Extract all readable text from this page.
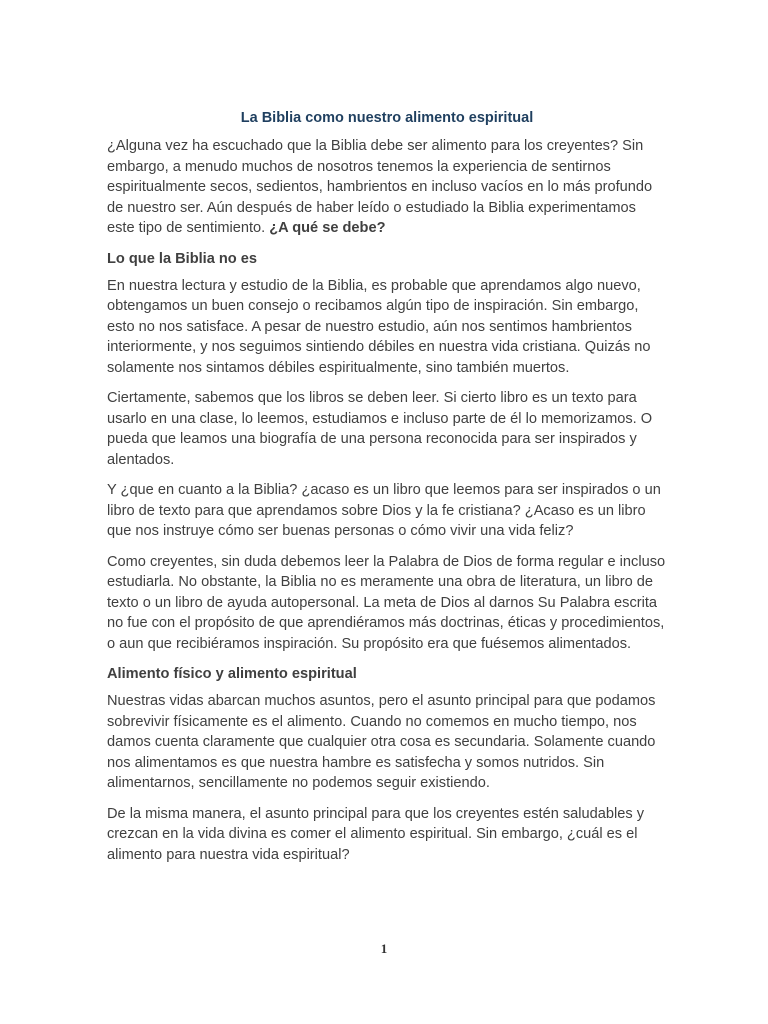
La Biblia como nuestro alimento espiritual

¿Alguna vez ha escuchado que la Biblia debe ser alimento para los creyentes? Sin embargo, a menudo muchos de nosotros tenemos la experiencia de sentirnos espiritualmente secos, sedientos, hambrientos en incluso vacíos en lo más profundo de nuestro ser. Aún después de haber leído o estudiado la Biblia experimentamos este tipo de sentimiento. ¿A qué se debe?

Lo que la Biblia no es

En nuestra lectura y estudio de la Biblia, es probable que aprendamos algo nuevo, obtengamos un buen consejo o recibamos algún tipo de inspiración. Sin embargo, esto no nos satisface. A pesar de nuestro estudio, aún nos sentimos hambrientos interiormente, y nos seguimos sintiendo débiles en nuestra vida cristiana. Quizás no solamente nos sintamos débiles espiritualmente, sino también muertos.

Ciertamente, sabemos que los libros se deben leer. Si cierto libro es un texto para usarlo en una clase, lo leemos, estudiamos e incluso parte de él lo memorizamos. O pueda que leamos una biografía de una persona reconocida para ser inspirados y alentados.

Y ¿que en cuanto a la Biblia? ¿acaso es un libro que leemos para ser inspirados o un libro de texto para que aprendamos sobre Dios y la fe cristiana? ¿Acaso es un libro que nos instruye cómo ser buenas personas o cómo vivir una vida feliz?

Como creyentes, sin duda debemos leer la Palabra de Dios de forma regular e incluso estudiarla. No obstante, la Biblia no es meramente una obra de literatura, un libro de texto o un libro de ayuda autopersonal. La meta de Dios al darnos Su Palabra escrita no fue con el propósito de que aprendiéramos más doctrinas, éticas y procedimientos, o aun que recibiéramos inspiración. Su propósito era que fuésemos alimentados.

Alimento físico y alimento espiritual

Nuestras vidas abarcan muchos asuntos, pero el asunto principal para que podamos sobrevivir físicamente es el alimento. Cuando no comemos en mucho tiempo, nos damos cuenta claramente que cualquier otra cosa es secundaria. Solamente cuando nos alimentamos es que nuestra hambre es satisfecha y somos nutridos. Sin alimentarnos, sencillamente no podemos seguir existiendo.

De la misma manera, el asunto principal para que los creyentes estén saludables y crezcan en la vida divina es comer el alimento espiritual. Sin embargo, ¿cuál es el alimento para nuestra vida espiritual?

1
